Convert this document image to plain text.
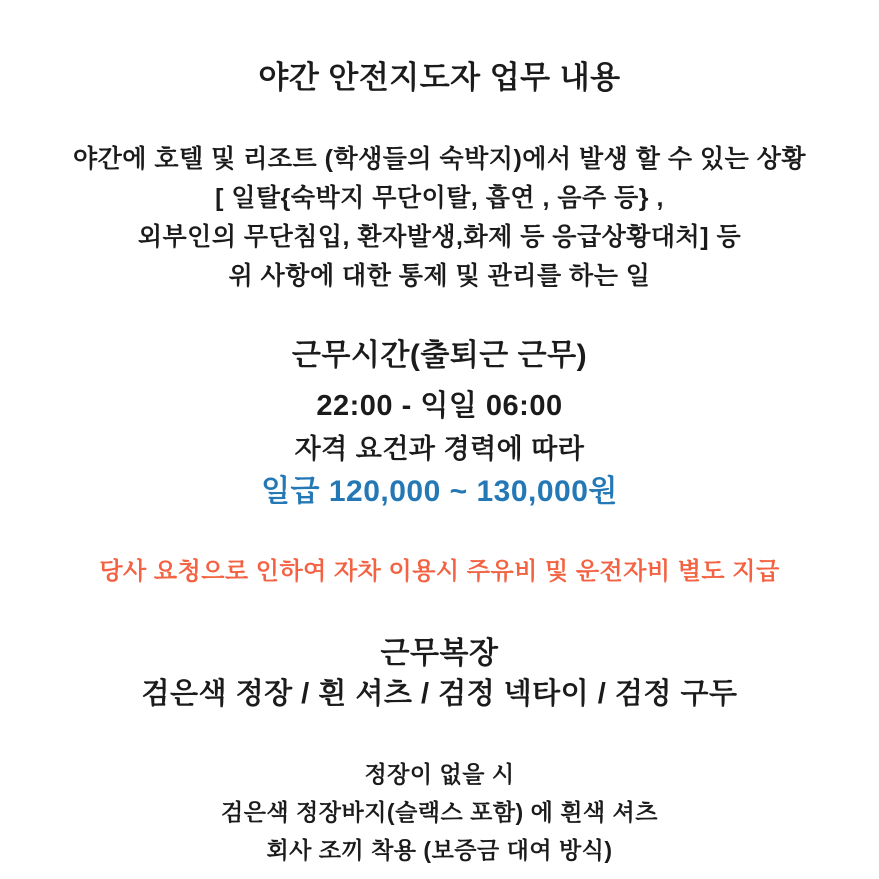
야간 안전지도자 업무 내용
야간에 호텔 및 리조트 (학생들의 숙박지)에서 발생 할 수 있는 상황
[ 일탈{숙박지 무단이탈, 흡연 , 음주 등} ,
외부인의 무단침입, 환자발생,화제 등 응급상황대처] 등
위 사항에 대한 통제 및 관리를 하는 일
근무시간(출퇴근 근무)
22:00 - 익일 06:00
자격 요건과 경력에 따라
일급 120,000 ~ 130,000원
당사 요청으로 인하여 자차 이용시 주유비 및 운전자비 별도 지급
근무복장
검은색 정장 / 흰 셔츠 / 검정 넥타이 / 검정 구두
정장이 없을 시
검은색 정장바지(슬랙스 포함) 에 흰색 셔츠
회사 조끼 착용 (보증금 대여 방식)
